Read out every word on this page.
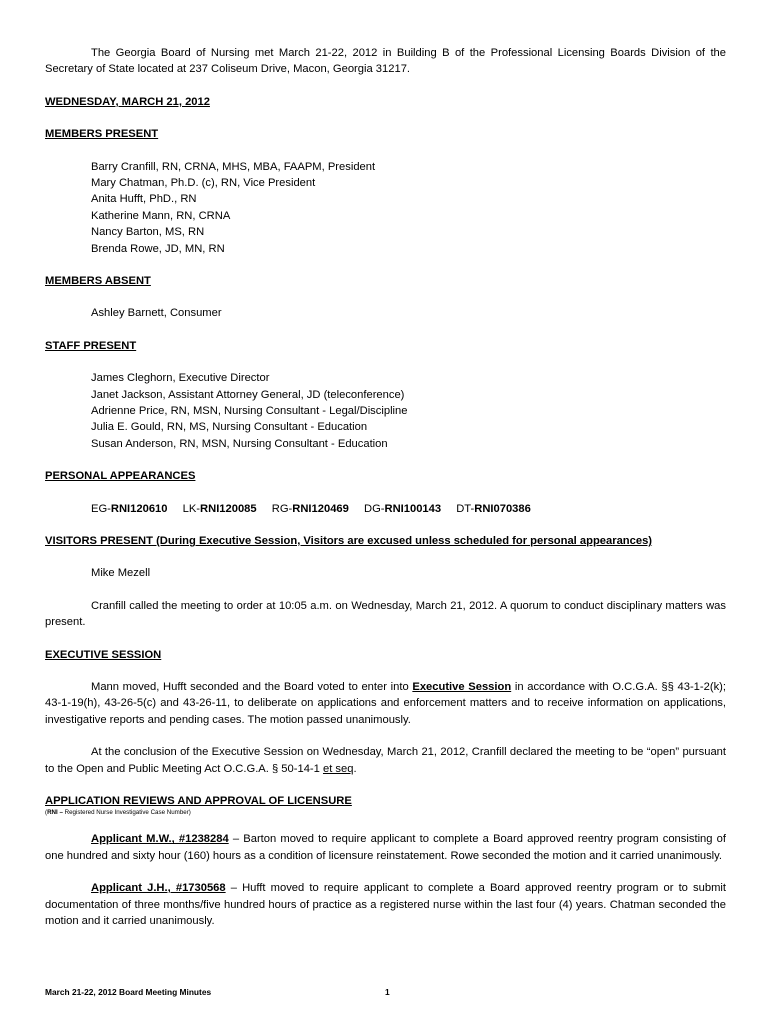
The Georgia Board of Nursing met March 21-22, 2012 in Building B of the Professional Licensing Boards Division of the Secretary of State located at 237 Coliseum Drive, Macon, Georgia 31217.

WEDNESDAY, MARCH 21, 2012

MEMBERS PRESENT

Barry Cranfill, RN, CRNA, MHS, MBA, FAAPM, President
Mary Chatman, Ph.D. (c), RN, Vice President
Anita Hufft, PhD., RN
Katherine Mann, RN, CRNA
Nancy Barton, MS, RN
Brenda Rowe, JD, MN, RN

MEMBERS ABSENT

Ashley Barnett, Consumer

STAFF PRESENT

James Cleghorn, Executive Director
Janet Jackson, Assistant Attorney General, JD (teleconference)
Adrienne Price, RN, MSN, Nursing Consultant - Legal/Discipline
Julia E. Gould, RN, MS, Nursing Consultant - Education
Susan Anderson, RN, MSN, Nursing Consultant - Education

PERSONAL APPEARANCES

EG-RNI120610 LK-RNI120085 RG-RNI120469 DG-RNI100143 DT-RNI070386

VISITORS PRESENT (During Executive Session, Visitors are excused unless scheduled for personal appearances)

Mike Mezell

Cranfill called the meeting to order at 10:05 a.m. on Wednesday, March 21, 2012. A quorum to conduct disciplinary matters was present.

EXECUTIVE SESSION

Mann moved, Hufft seconded and the Board voted to enter into Executive Session in accordance with O.C.G.A. §§ 43-1-2(k); 43-1-19(h), 43-26-5(c) and 43-26-11, to deliberate on applications and enforcement matters and to receive information on applications, investigative reports and pending cases. The motion passed unanimously.

At the conclusion of the Executive Session on Wednesday, March 21, 2012, Cranfill declared the meeting to be “open” pursuant to the Open and Public Meeting Act O.C.G.A. § 50-14-1 et seq.

APPLICATION REVIEWS AND APPROVAL OF LICENSURE

(RNI – Registered Nurse Investigative Case Number)

Applicant M.W., #1238284 – Barton moved to require applicant to complete a Board approved reentry program consisting of one hundred and sixty hour (160) hours as a condition of licensure reinstatement. Rowe seconded the motion and it carried unanimously.

Applicant J.H., #1730568 – Hufft moved to require applicant to complete a Board approved reentry program or to submit documentation of three months/five hundred hours of practice as a registered nurse within the last four (4) years. Chatman seconded the motion and it carried unanimously.

March 21-22, 2012 Board Meeting Minutes	1
